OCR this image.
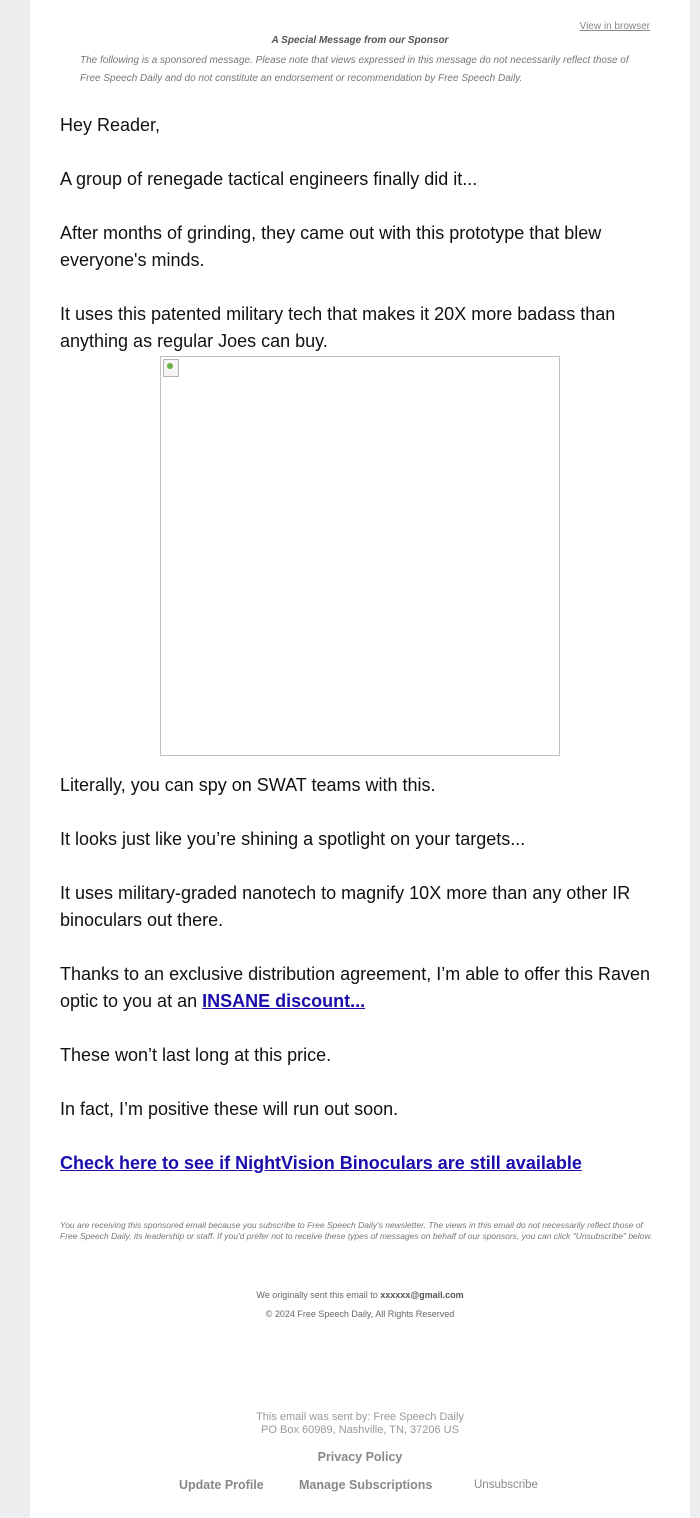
View in browser
A Special Message from our Sponsor
The following is a sponsored message. Please note that views expressed in this message do not necessarily reflect those of Free Speech Daily and do not constitute an endorsement or recommendation by Free Speech Daily.
Hey Reader,
A group of renegade tactical engineers finally did it...
After months of grinding, they came out with this prototype that blew everyone's minds.
It uses this patented military tech that makes it 20X more badass than anything as regular Joes can buy.
Literally, you can spy on SWAT teams with this.
It looks just like you’re shining a spotlight on your targets...
It uses military-graded nanotech to magnify 10X more than any other IR binoculars out there.
Thanks to an exclusive distribution agreement, I’m able to offer this Raven optic to you at an INSANE discount...
These won’t last long at this price.
In fact, I’m positive these will run out soon.
Check here to see if NightVision Binoculars are still available
You are receiving this sponsored email because you subscribe to Free Speech Daily's newsletter. The views in this email do not necessarily reflect those of Free Speech Daily, its leadership or staff. If you'd prefer not to receive these types of messages on behalf of our sponsors, you can click "Unsubscribe" below.
We originally sent this email to xxxxxx@gmail.com
© 2024 Free Speech Daily, All Rights Reserved
This email was sent by: Free Speech Daily
PO Box 60989, Nashville, TN, 37206 US
Privacy Policy
Update Profile	Manage Subscriptions	Unsubscribe
